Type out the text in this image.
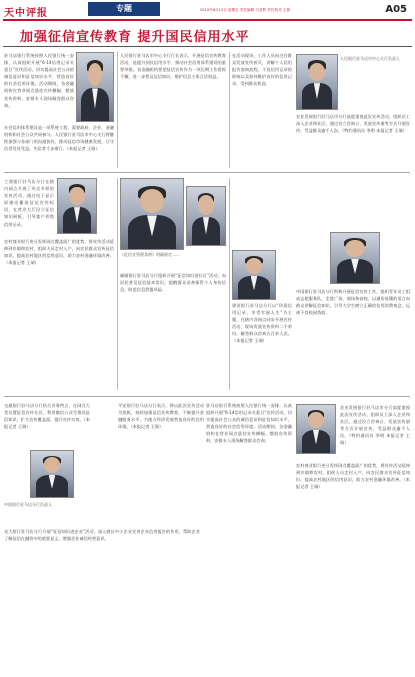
天中评报	专题	2015年6月12日 星期五 责任编辑 白奇梦 责任校对 王瑞	A05
加强征信宣传教育 提升国民信用水平
驻马店银行系统按照人民银行统一安排，认真组织开展“6·14信用记录关爱日”宣传活动，切实提高社会公众的诚信意识和征信知识水平，营造良好的社会信用环境。活动期间，各金融机构在营业网点悬挂宣传横幅、摆放宣传资料，安排专人现场解答群众咨询。
社会信用体系建设是一项系统工程，需要政府、企业、金融机构和社会公众共同参与。人民银行驻马店市中心支行将继续加强与各部门的沟通协作，推动征信市场健康发展，让守信者处处受益，失信者寸步难行。（本报记者 王瑞）
人民银行驻马店市中心支行行长表示，开展征信宣传教育活动，是提升国民信用水平、推动社会信用体系建设的重要举措。各金融机构要把征信宣传作为一项长期工作常抓不懈，进一步普及征信知识，维护信息主体合法权益。
在活动现场，工作人员向过往群众发放宣传折页，讲解个人信用报告查询流程、不良信用记录的影响以及如何维护良好的信用记录，受到群众欢迎。
人民银行驻马店市中心支行负责人
农业发展银行驻马店市分行高度重视此次宣传活动，组织员工深入企业和社区，通过设立咨询台、发放宣传册等方式开展宣传，受益群众逾千人次。（特约通讯员 李明 本报记者 王瑞）
工商银行驻马店分行在辖内网点开展了形式多样的宣传活动，通过电子显示屏滚动播放征信宣传标语，在营业大厅设立征信知识展板，引导客户珍惜信用记录。
农村商业银行充分发挥网点覆盖面广的优势，将宣传活动延伸到乡镇和农村，组织人员走村入户，向农民群众宣传征信知识，提高农村地区的信用意识，助力农村金融环境改善。（本报记者 王瑞）
《征信业管理条例》明确规定……
邮储银行驻马店分行组织开展“征信知识进社区”活动，向居民普及征信基本常识，提醒群众妥善保管个人身份信息，防范信息泄露风险。
建设银行驻马店分行以“珍爱信用记录，享受幸福人生”为主题，在辖内各网点同步开展宣传活动，现场发放宣传资料二千余份，解答群众咨询五百余人次。（本报记者 王瑞）
中国银行驻马店分行积极开展征信宣传工作，组织青年员工组成志愿服务队，走进广场、商场和高校，以通俗易懂的语言向群众讲解征信知识，引导大学生树立正确的信用消费观念，远离不良校园贷款。
交通银行驻马店分行结合业务特点，在网点大堂设置征信宣传专区，利用微信公众号推送征信知识，扩大宣传覆盖面，提升宣传实效。（本报记者 王瑞）
中国银行驻马店分行负责人
光大银行驻马店分行开展“征信知识进企业”活动，深入辖区中小企业宣讲企业信用报告的作用，帮助企业了解征信在融资中的重要意义，增强企业诚信经营意识。
平安银行驻马店分行表示，将以此次宣传活动为契机，持续加强征信宣传教育，不断提升金融服务水平，为地方经济发展营造良好的信用环境。（本报记者 王瑞）
驻马店银行系统按照人民银行统一安排，认真组织开展“6·14信用记录关爱日”宣传活动，切实提高社会公众的诚信意识和征信知识水平，营造良好的社会信用环境。活动期间，各金融机构在营业网点悬挂宣传横幅、摆放宣传资料，安排专人现场解答群众咨询。
农业发展银行驻马店市分行高度重视此次宣传活动，组织员工深入企业和社区，通过设立咨询台、发放宣传册等方式开展宣传，受益群众逾千人次。（特约通讯员 李明 本报记者 王瑞）
农村商业银行充分发挥网点覆盖面广的优势，将宣传活动延伸到乡镇和农村，组织人员走村入户，向农民群众宣传征信知识，提高农村地区的信用意识，助力农村金融环境改善。（本报记者 王瑞）
